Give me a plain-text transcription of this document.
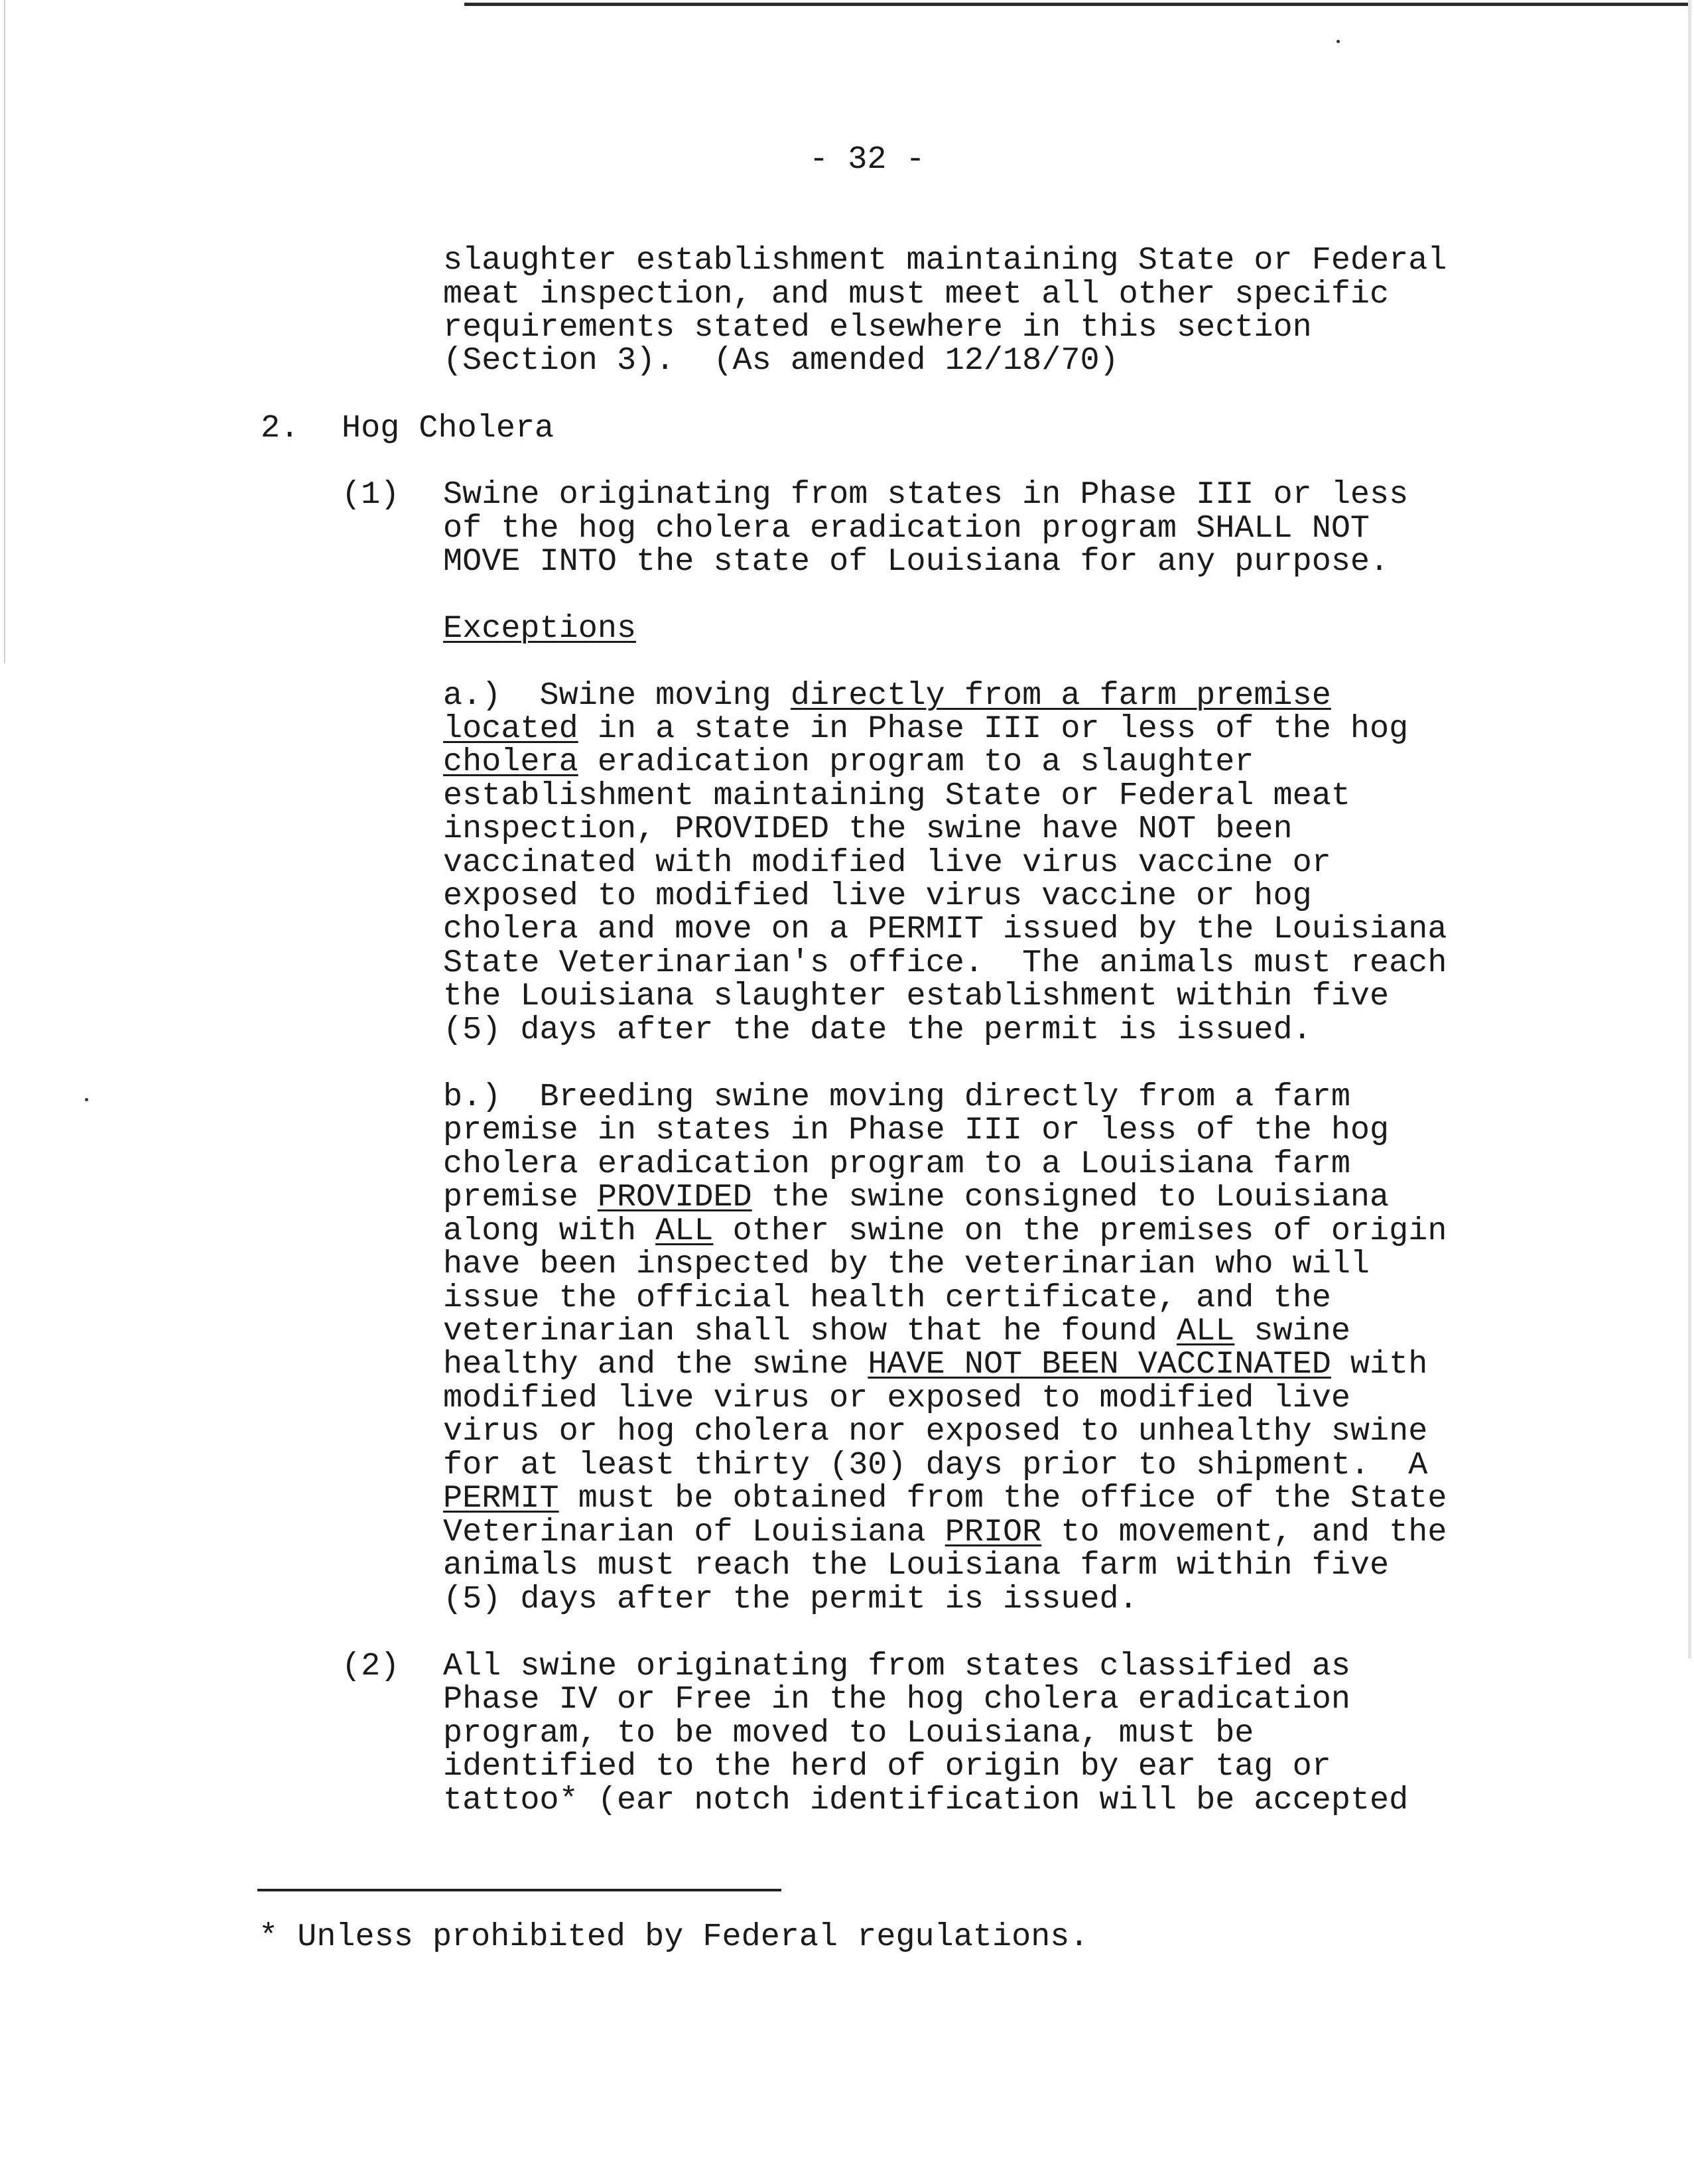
- 32 -

slaughter establishment maintaining State or Federal

meat inspection, and must meet all other specific

requirements stated elsewhere in this section

(Section 3).  (As amended 12/18/70)

2. Hog Cholera

(1) Swine originating from states in Phase III or less

of the hog cholera eradication program SHALL NOT

MOVE INTO the state of Louisiana for any purpose.

Exceptions

a.)  Swine moving directly from a farm premise

located in a state in Phase III or less of the hog

cholera eradication program to a slaughter

establishment maintaining State or Federal meat

inspection, PROVIDED the swine have NOT been

vaccinated with modified live virus vaccine or

exposed to modified live virus vaccine or hog

cholera and move on a PERMIT issued by the Louisiana

State Veterinarian's office.  The animals must reach

the Louisiana slaughter establishment within five

(5) days after the date the permit is issued.

b.)  Breeding swine moving directly from a farm

premise in states in Phase III or less of the hog

cholera eradication program to a Louisiana farm

premise PROVIDED the swine consigned to Louisiana

along with ALL other swine on the premises of origin

have been inspected by the veterinarian who will

issue the official health certificate, and the

veterinarian shall show that he found ALL swine

healthy and the swine HAVE NOT BEEN VACCINATED with

modified live virus or exposed to modified live

virus or hog cholera nor exposed to unhealthy swine

for at least thirty (30) days prior to shipment.  A

PERMIT must be obtained from the office of the State

Veterinarian of Louisiana PRIOR to movement, and the

animals must reach the Louisiana farm within five

(5) days after the permit is issued.

(2) All swine originating from states classified as

Phase IV or Free in the hog cholera eradication

program, to be moved to Louisiana, must be

identified to the herd of origin by ear tag or

tattoo* (ear notch identification will be accepted

* Unless prohibited by Federal regulations.
